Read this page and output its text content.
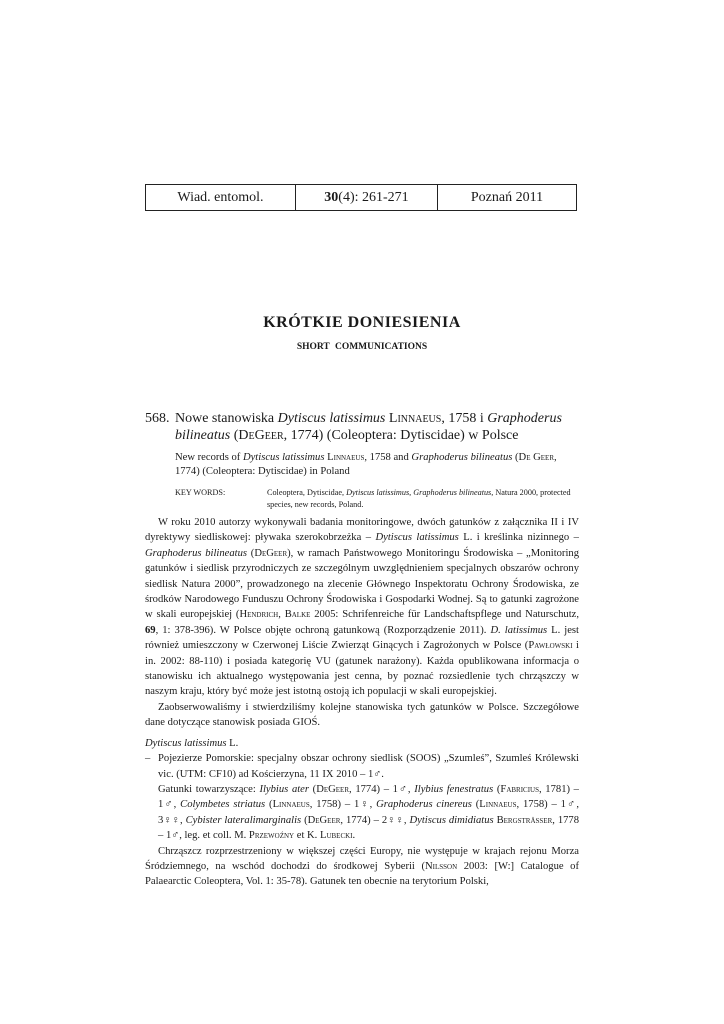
Wiad. entomol.	30 (4): 261-271	Poznań 2011
KRÓTKIE DONIESIENIA
SHORT COMMUNICATIONS
568. Nowe stanowiska Dytiscus latissimus Linnaeus, 1758 i Graphoderus bilineatus (DeGeer, 1774) (Coleoptera: Dytiscidae) w Polsce
New records of Dytiscus latissimus Linnaeus, 1758 and Graphoderus bilineatus (De Geer, 1774) (Coleoptera: Dytiscidae) in Poland
KEY WORDS:	Coleoptera, Dytiscidae, Dytiscus latissimus, Graphoderus bilineatus, Natura 2000, protected species, new records, Poland.

W roku 2010 autorzy wykonywali badania monitoringowe, dwóch gatunków z załącznika II i IV dyrektywy siedliskowej: pływaka szerokobrzeżka – Dytiscus latissimus L. i kreślinka nizinnego – Graphoderus bilineatus (DeGeer), w ramach Państwowego Monitoringu Środowiska – „Monitoring gatunków i siedlisk przyrodniczych ze szczególnym uwzględnieniem specjalnych obszarów ochrony siedlisk Natura 2000”, prowadzonego na zlecenie Głównego Inspektoratu Ochrony Środowiska, ze środków Narodowego Funduszu Ochrony Środowiska i Gospodarki Wodnej. Są to gatunki zagrożone w skali europejskiej (Hendrich, Balke 2005: Schrifenreiche für Landschaftspflege und Naturschutz, 69, 1: 378-396). W Polsce objęte ochroną gatunkową (Rozporządzenie 2011). D. latissimus L. jest również umieszczony w Czerwonej Liście Zwierząt Ginących i Zagrożonych w Polsce (Pawłowski i in. 2002: 88-110) i posiada kategorię VU (gatunek narażony). Każda opublikowana informacja o stanowisku ich aktualnego występowania jest cenna, by poznać rozsiedlenie tych chrząszczy w naszym kraju, który być może jest istotną ostoją ich populacji w skali europejskiej.

Zaobserwowaliśmy i stwierdziliśmy kolejne stanowiska tych gatunków w Polsce. Szczegółowe dane dotyczące stanowisk posiada GIOŚ.

Dytiscus latissimus L.

– Pojezierze Pomorskie: specjalny obszar ochrony siedlisk (SOOS) „Szumleś”, Szumleś Królewski vic. (UTM: CF10) ad Kościerzyna, 11 IX 2010 – 1♂.

Gatunki towarzyszące: Ilybius ater (DeGeer, 1774) – 1♂, Ilybius fenestratus (Fabricius, 1781) – 1♂, Colymbetes striatus (Linnaeus, 1758) – 1♀, Graphoderus cinereus (Linnaeus, 1758) – 1♂, 3♀♀, Cybister lateralimarginalis (DeGeer, 1774) – 2♀♀, Dytiscus dimidiatus Bergsträsser, 1778 – 1♂, leg. et coll. M. Przewoźny et K. Lubecki.

Chrząszcz rozprzestrzeniony w większej części Europy, nie występuje w krajach rejonu Morza Śródziemnego, na wschód dochodzi do środkowej Syberii (Nilsson 2003: [W:] Catalogue of Palaearctic Coleoptera, Vol. 1: 35-78). Gatunek ten obecnie na terytorium Polski,
